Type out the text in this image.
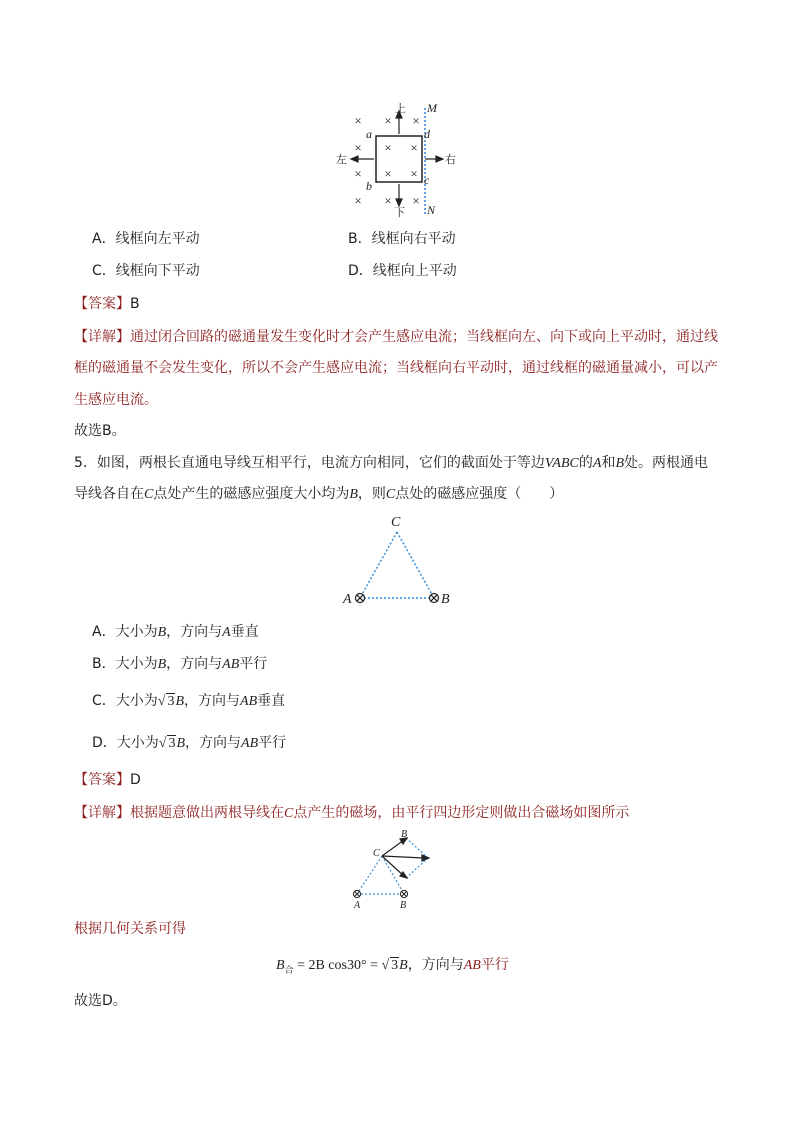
× × ×
× × ×
× × ×
× × ×
上
下
左	右
a
b	c
d
M
N
A．线框向左平动	B．线框向右平动
C．线框向下平动	D．线框向上平动
【答案】B
【详解】通过闭合回路的磁通量发生变化时才会产生感应电流；当线框向左、向下或向上平动时，通过线
框的磁通量不会发生变化，所以不会产生感应电流；当线框向右平动时，通过线框的磁通量减小，可以产
生感应电流。
故选B。
5．如图，两根长直通电导线互相平行，电流方向相同，它们的截面处于等边VABC的A和B处。两根通电
导线各自在C点处产生的磁感应强度大小均为B，则C点处的磁感应强度（　　）
C
A	B
A．大小为B，方向与A垂直
B．大小为B，方向与AB平行
C．大小为√ 3B，方向与AB垂直
D．大小为√ 3B，方向与AB平行
【答案】D
【详解】根据题意做出两根导线在C点产生的磁场，由平行四边形定则做出合磁场如图所示
C
B
A	B
根据几何关系可得
$B_合 = 2B$ cos30° = √ 3B，方向与AB平行
故选D。
